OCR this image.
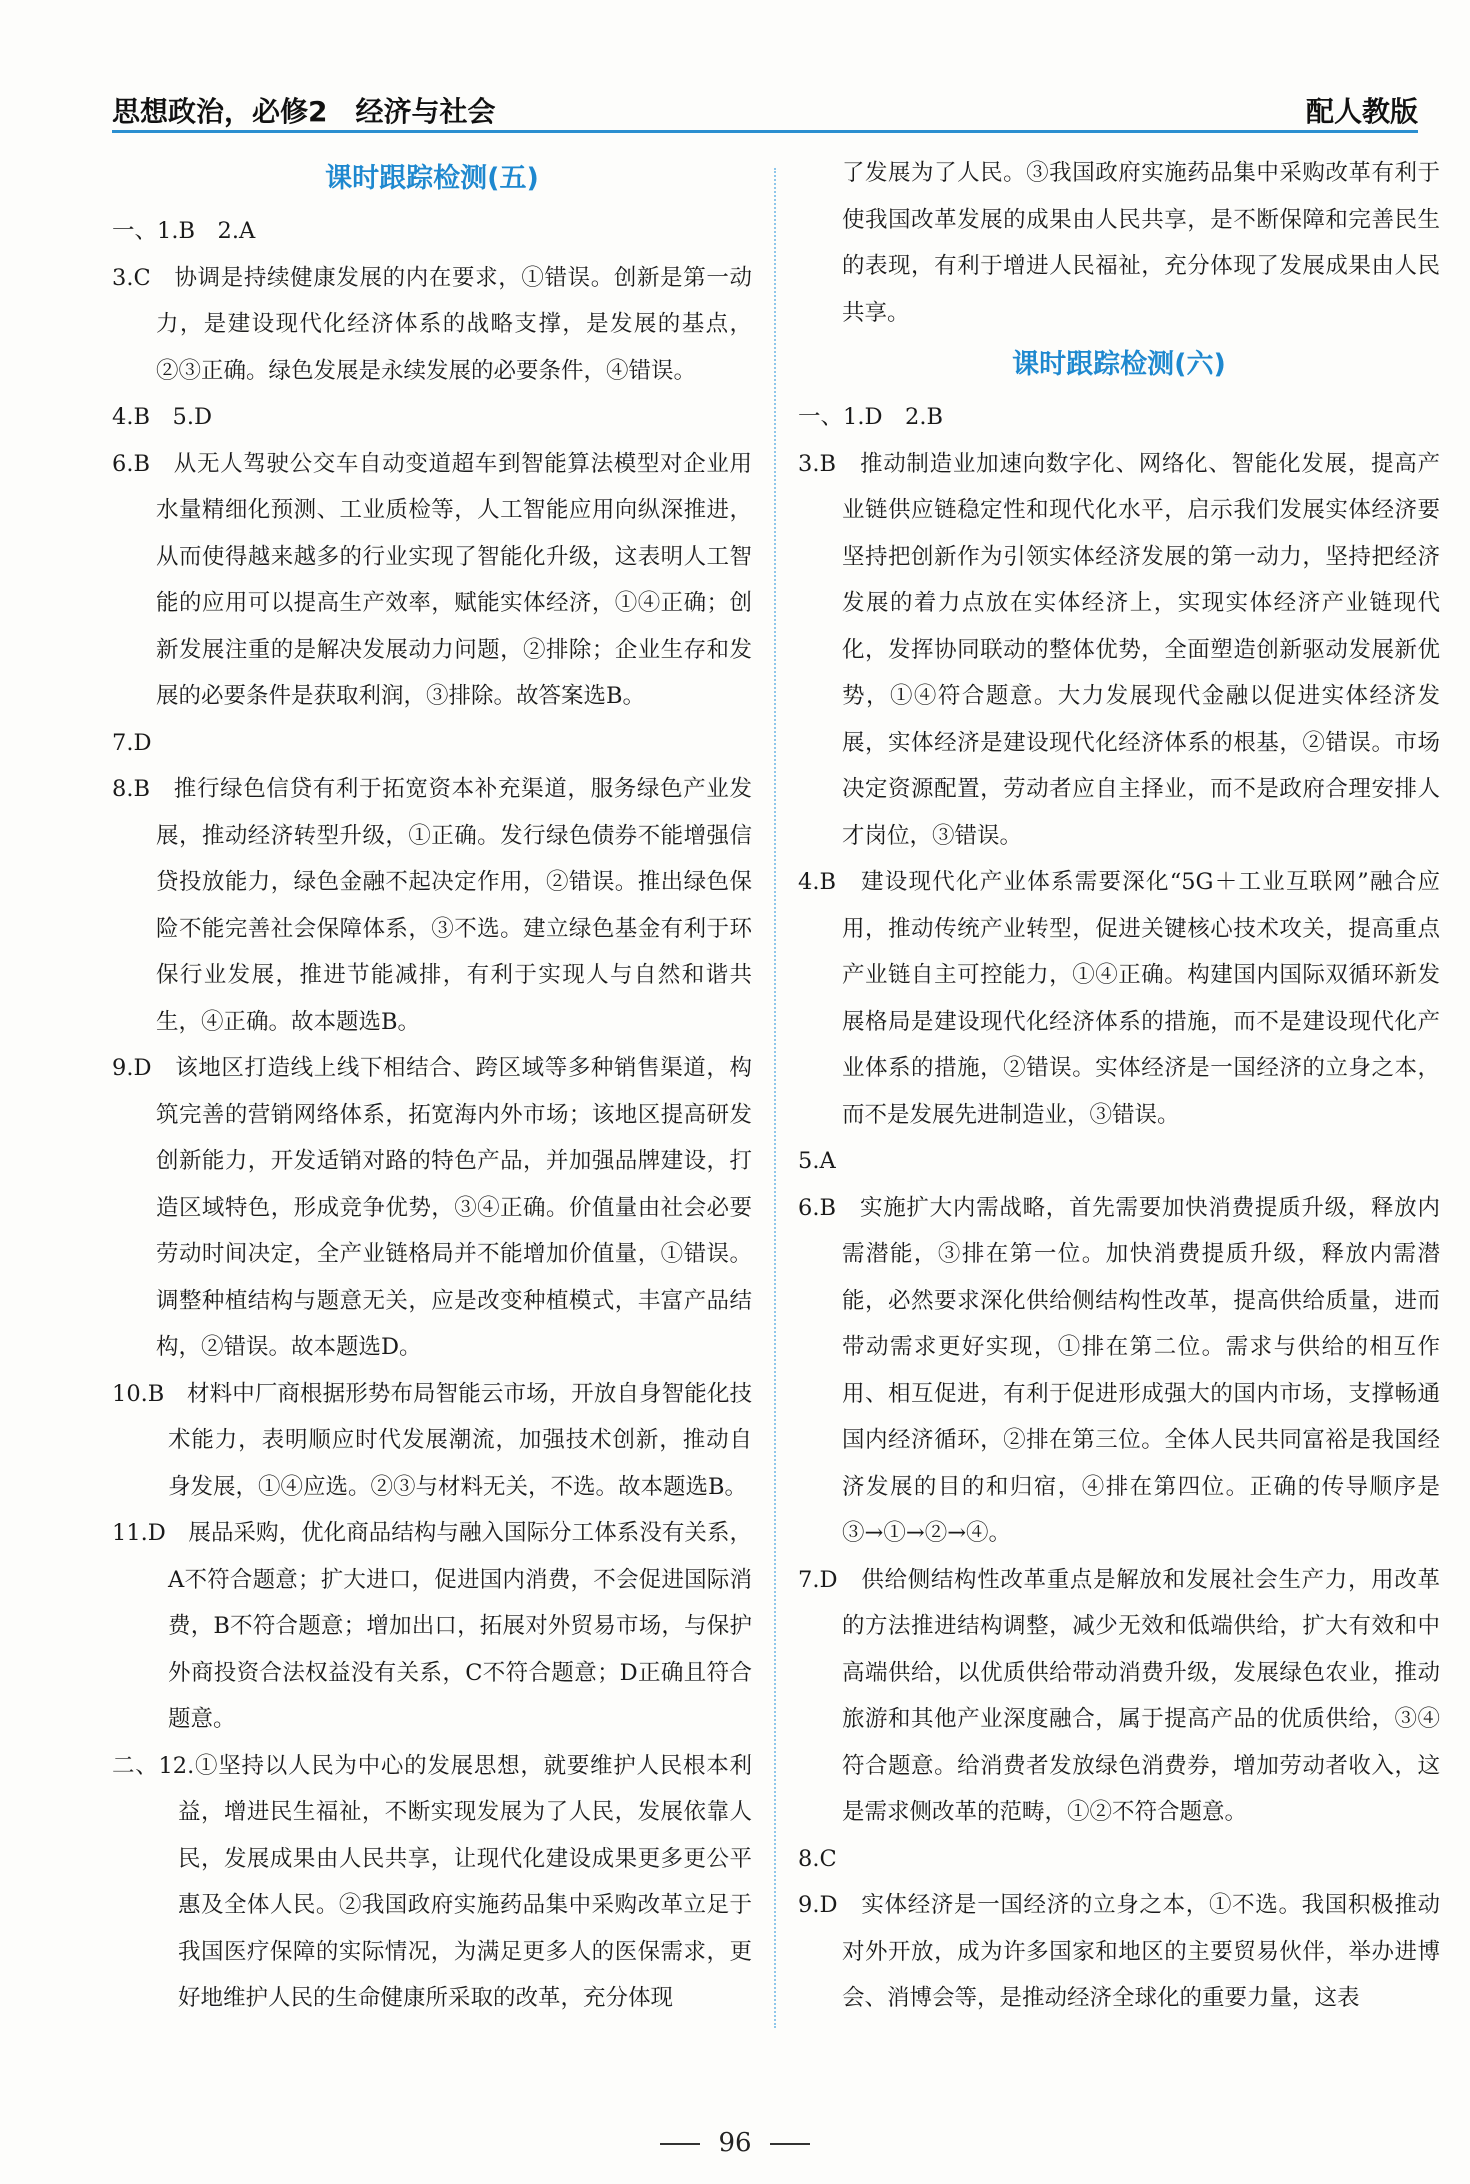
思想政治，必修2　经济与社会	配人教版

课时跟踪检测(五)

一、1.B　2.A

3.C　协调是持续健康发展的内在要求，①错误。创新是第一动力，是建设现代化经济体系的战略支撑，是发展的基点，②③正确。绿色发展是永续发展的必要条件，④错误。

4.B　5.D

6.B　从无人驾驶公交车自动变道超车到智能算法模型对企业用水量精细化预测、工业质检等，人工智能应用向纵深推进，从而使得越来越多的行业实现了智能化升级，这表明人工智能的应用可以提高生产效率，赋能实体经济，①④正确；创新发展注重的是解决发展动力问题，②排除；企业生存和发展的必要条件是获取利润，③排除。故答案选B。

7.D

8.B　推行绿色信贷有利于拓宽资本补充渠道，服务绿色产业发展，推动经济转型升级，①正确。发行绿色债券不能增强信贷投放能力，绿色金融不起决定作用，②错误。推出绿色保险不能完善社会保障体系，③不选。建立绿色基金有利于环保行业发展，推进节能减排，有利于实现人与自然和谐共生，④正确。故本题选B。

9.D　该地区打造线上线下相结合、跨区域等多种销售渠道，构筑完善的营销网络体系，拓宽海内外市场；该地区提高研发创新能力，开发适销对路的特色产品，并加强品牌建设，打造区域特色，形成竞争优势，③④正确。价值量由社会必要劳动时间决定，全产业链格局并不能增加价值量，①错误。调整种植结构与题意无关，应是改变种植模式，丰富产品结构，②错误。故本题选D。

10.B　材料中厂商根据形势布局智能云市场，开放自身智能化技术能力，表明顺应时代发展潮流，加强技术创新，推动自身发展，①④应选。②③与材料无关，不选。故本题选B。

11.D　展品采购，优化商品结构与融入国际分工体系没有关系，A不符合题意；扩大进口，促进国内消费，不会促进国际消费，B不符合题意；增加出口，拓展对外贸易市场，与保护外商投资合法权益没有关系，C不符合题意；D正确且符合题意。

二、12.①坚持以人民为中心的发展思想，就要维护人民根本利益，增进民生福祉，不断实现发展为了人民，发展依靠人民，发展成果由人民共享，让现代化建设成果更多更公平惠及全体人民。②我国政府实施药品集中采购改革立足于我国医疗保障的实际情况，为满足更多人的医保需求，更好地维护人民的生命健康所采取的改革，充分体现

了发展为了人民。③我国政府实施药品集中采购改革有利于使我国改革发展的成果由人民共享，是不断保障和完善民生的表现，有利于增进人民福祉，充分体现了发展成果由人民共享。

课时跟踪检测(六)

一、1.D　2.B

3.B　推动制造业加速向数字化、网络化、智能化发展，提高产业链供应链稳定性和现代化水平，启示我们发展实体经济要坚持把创新作为引领实体经济发展的第一动力，坚持把经济发展的着力点放在实体经济上，实现实体经济产业链现代化，发挥协同联动的整体优势，全面塑造创新驱动发展新优势，①④符合题意。大力发展现代金融以促进实体经济发展，实体经济是建设现代化经济体系的根基，②错误。市场决定资源配置，劳动者应自主择业，而不是政府合理安排人才岗位，③错误。

4.B　建设现代化产业体系需要深化“5G＋工业互联网”融合应用，推动传统产业转型，促进关键核心技术攻关，提高重点产业链自主可控能力，①④正确。构建国内国际双循环新发展格局是建设现代化经济体系的措施，而不是建设现代化产业体系的措施，②错误。实体经济是一国经济的立身之本，而不是发展先进制造业，③错误。

5.A

6.B　实施扩大内需战略，首先需要加快消费提质升级，释放内需潜能，③排在第一位。加快消费提质升级，释放内需潜能，必然要求深化供给侧结构性改革，提高供给质量，进而带动需求更好实现，①排在第二位。需求与供给的相互作用、相互促进，有利于促进形成强大的国内市场，支撑畅通国内经济循环，②排在第三位。全体人民共同富裕是我国经济发展的目的和归宿，④排在第四位。正确的传导顺序是③→①→②→④。

7.D　供给侧结构性改革重点是解放和发展社会生产力，用改革的方法推进结构调整，减少无效和低端供给，扩大有效和中高端供给，以优质供给带动消费升级，发展绿色农业，推动旅游和其他产业深度融合，属于提高产品的优质供给，③④符合题意。给消费者发放绿色消费券，增加劳动者收入，这是需求侧改革的范畴，①②不符合题意。

8.C

9.D　实体经济是一国经济的立身之本，①不选。我国积极推动对外开放，成为许多国家和地区的主要贸易伙伴，举办进博会、消博会等，是推动经济全球化的重要力量，这表

96
